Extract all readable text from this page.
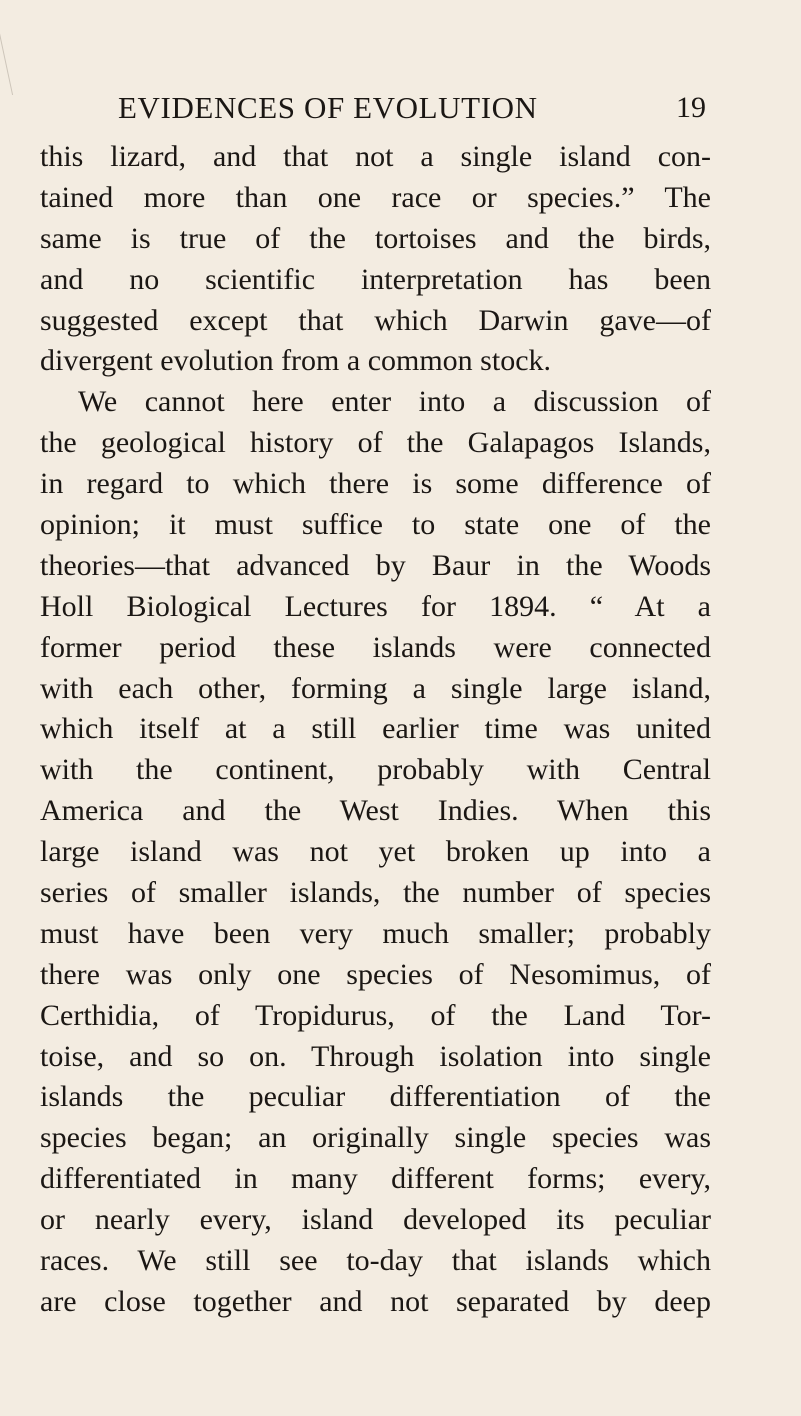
EVIDENCES OF EVOLUTION	19
this lizard, and that not a single island con-
tained more than one race or species.” The
same is true of the tortoises and the birds,
and no scientific interpretation has been
suggested except that which Darwin gave—of
divergent evolution from a common stock.
We cannot here enter into a discussion of
the geological history of the Galapagos Islands,
in regard to which there is some difference of
opinion; it must suffice to state one of the
theories—that advanced by Baur in the Woods
Holl Biological Lectures for 1894. “ At a
former period these islands were connected
with each other, forming a single large island,
which itself at a still earlier time was united
with the continent, probably with Central
America and the West Indies. When this
large island was not yet broken up into a
series of smaller islands, the number of species
must have been very much smaller; probably
there was only one species of Nesomimus, of
Certhidia, of Tropidurus, of the Land Tor-
toise, and so on. Through isolation into single
islands the peculiar differentiation of the
species began; an originally single species was
differentiated in many different forms; every,
or nearly every, island developed its peculiar
races. We still see to-day that islands which
are close together and not separated by deep
